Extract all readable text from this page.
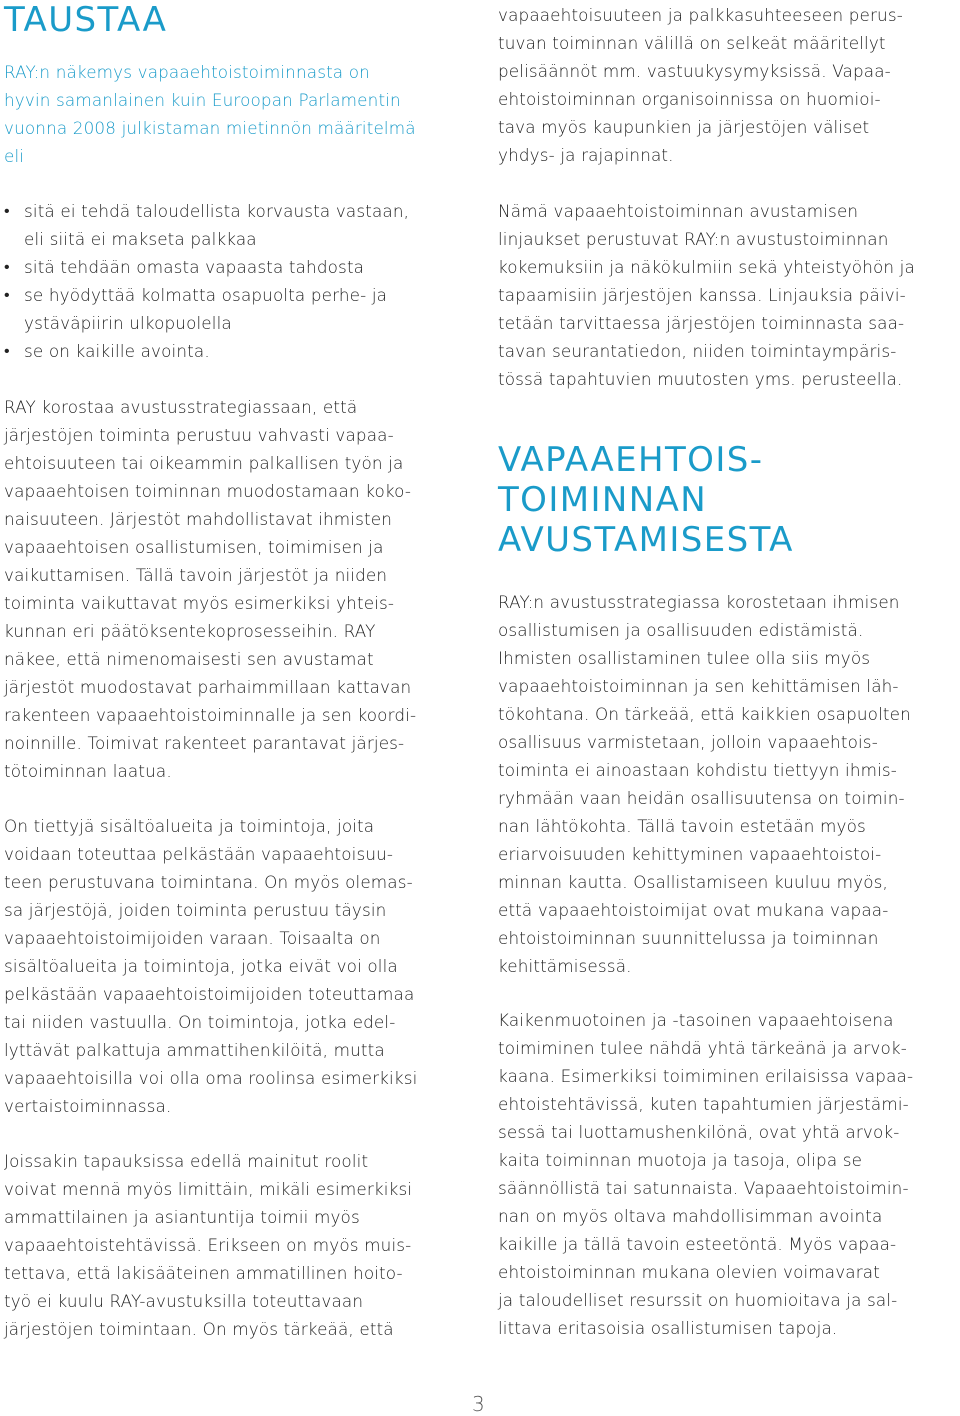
TAUSTAA
RAY:n näkemys vapaaehtoistoiminnasta on
hyvin samanlainen kuin Euroopan Parlamentin
vuonna 2008 julkistaman mietinnön määritelmä
eli
• sitä ei tehdä taloudellista korvausta vastaan,
eli siitä ei makseta palkkaa
• sitä tehdään omasta vapaasta tahdosta
• se hyödyttää kolmatta osapuolta perhe- ja
ystäväpiirin ulkopuolella
• se on kaikille avointa.
RAY korostaa avustusstrategiassaan, että
järjestöjen toiminta perustuu vahvasti vapaa-
ehtoisuuteen tai oikeammin palkallisen työn ja
vapaaehtoisen toiminnan muodostamaan koko-
naisuuteen. Järjestöt mahdollistavat ihmisten
vapaaehtoisen osallistumisen, toimimisen ja
vaikuttamisen. Tällä tavoin järjestöt ja niiden
toiminta vaikuttavat myös esimerkiksi yhteis-
kunnan eri päätöksentekoprosesseihin. RAY
näkee, että nimenomaisesti sen avustamat
järjestöt muodostavat parhaimmillaan kattavan
rakenteen vapaaehtoistoiminnalle ja sen koordi-
noinnille. Toimivat rakenteet parantavat järjes-
tötoiminnan laatua.
On tiettyjä sisältöalueita ja toimintoja, joita
voidaan toteuttaa pelkästään vapaaehtoisuu-
teen perustuvana toimintana. On myös olemas-
sa järjestöjä, joiden toiminta perustuu täysin
vapaaehtoistoimijoiden varaan. Toisaalta on
sisältöalueita ja toimintoja, jotka eivät voi olla
pelkästään vapaaehtoistoimijoiden toteuttamaa
tai niiden vastuulla. On toimintoja, jotka edel-
lyttävät palkattuja ammattihenkilöitä, mutta
vapaaehtoisilla voi olla oma roolinsa esimerkiksi
vertaistoiminnassa.
Joissakin tapauksissa edellä mainitut roolit
voivat mennä myös limittäin, mikäli esimerkiksi
ammattilainen ja asiantuntija toimii myös
vapaaehtoistehtävissä. Erikseen on myös muis-
tettava, että lakisääteinen ammatillinen hoito-
työ ei kuulu RAY-avustuksilla toteuttavaan
järjestöjen toimintaan. On myös tärkeää, että
vapaaehtoisuuteen ja palkkasuhteeseen perus-
tuvan toiminnan välillä on selkeät määritellyt
pelisäännöt mm. vastuukysymyksissä. Vapaa-
ehtoistoiminnan organisoinnissa on huomioi-
tava myös kaupunkien ja järjestöjen väliset
yhdys- ja rajapinnat.
Nämä vapaaehtoistoiminnan avustamisen
linjaukset perustuvat RAY:n avustustoiminnan
kokemuksiin ja näkökulmiin sekä yhteistyöhön ja
tapaamisiin järjestöjen kanssa. Linjauksia päivi-
tetään tarvittaessa järjestöjen toiminnasta saa-
tavan seurantatiedon, niiden toimintaympäris-
tössä tapahtuvien muutosten yms. perusteella.
VAPAAEHTOIS-
TOIMINNAN
AVUSTAMISESTA
RAY:n avustusstrategiassa korostetaan ihmisen
osallistumisen ja osallisuuden edistämistä.
Ihmisten osallistaminen tulee olla siis myös
vapaaehtoistoiminnan ja sen kehittämisen läh-
tökohtana. On tärkeää, että kaikkien osapuolten
osallisuus varmistetaan, jolloin vapaaehtois-
toiminta ei ainoastaan kohdistu tiettyyn ihmis-
ryhmään vaan heidän osallisuutensa on toimin-
nan lähtökohta. Tällä tavoin estetään myös
eriarvoisuuden kehittyminen vapaaehtoistoi-
minnan kautta. Osallistamiseen kuuluu myös,
että vapaaehtoistoimijat ovat mukana vapaa-
ehtoistoiminnan suunnittelussa ja toiminnan
kehittämisessä.
Kaikenmuotoinen ja -tasoinen vapaaehtoisena
toimiminen tulee nähdä yhtä tärkeänä ja arvok-
kaana. Esimerkiksi toimiminen erilaisissa vapaa-
ehtoistehtävissä, kuten tapahtumien järjestämi-
sessä tai luottamushenkilönä, ovat yhtä arvok-
kaita toiminnan muotoja ja tasoja, olipa se
säännöllistä tai satunnaista. Vapaaehtoistoimin-
nan on myös oltava mahdollisimman avointa
kaikille ja tällä tavoin esteetöntä. Myös vapaa-
ehtoistoiminnan mukana olevien voimavarat
ja taloudelliset resurssit on huomioitava ja sal-
littava eritasoisia osallistumisen tapoja.
3
